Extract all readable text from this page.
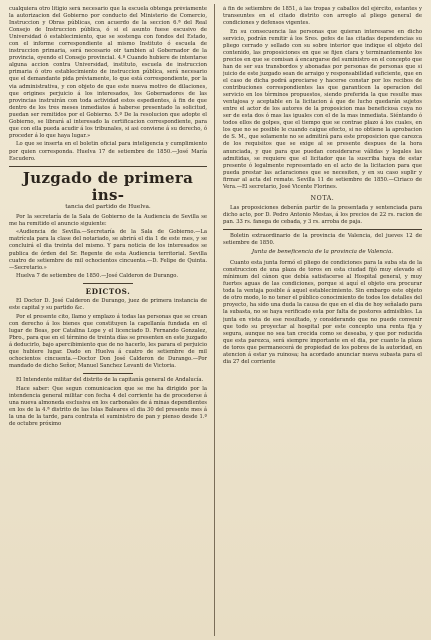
cualquiera otro litigio será necesario que la escuela obtenga préviamente la autorizacion del Gobierno por conducto del Ministerio de Comercio, Instruccion y Obras públicas, con acuerdo de la seccion 6.ª del Real Consejo de Instruccion pública, ó si el asunto fuese escusivo de Universidad ó establecimiento, que se sostenga con fondos del Estado, con el informe correspondiente al mismo Instituto ó escuela de instruccion primaria, será necesario oir tambien al Gobernador de la provincia, oyendo el Consejo provincial. 4.º Cuando hubiere de intentarse alguna accion contra Universidad, instituto, escuela de instruccion primaria ó otro establecimiento de instruccion pública, será necesario que el demandante pida préviamente, lo que está correspondiente, por la via administrativa, y con objeto de que este nueva motivo de dilaciones, que origines perjuicio á los interesados, los Gobernadores de las provincias instruirán con toda actividad estos espedientes, á fin de que dentro de los tres meses inmediatos á haberse presentado la solicitud, puedan ser remitidos por el Gobierno. 5.º De la resolucion que adopte el Gobierno, se librará al interesado la certificacion correspondiente, para que con ella pueda acudir á los tribunales, si asi conviene á su derecho, ó proceder á lo que haya lugar.»

Lo que se inserta en el boletin oficial para inteligencia y cumplimiento por quien corresponda. Huelva 17 de setiembre de 1850.—José María Escudero.

Juzgado de primera ins-
tancia del partido de Huelva.

Por la secretaría de la Sala de Gobierno de la Audiencia de Sevilla se me ha remitido el anuncio siguiente:

«Audiencia de Sevilla.—Secretaría de la Sala de Gobierno.—La matrícula para la clase del notariado, se abrirá el dia 1 de este mes, y se concluirá el dia treinta del mismo. Y para noticia de los interesados se publica de órden del Sr. Regente de esta Audiencia territorial. Sevilla cuatro de setiembre de mil ochocientos cincuenta.—D. Felipe de Quinta.—Secretario.»

Huelva 7 de setiembre de 1850.—José Calderon de Durango.

EDICTOS.

El Doctor D. José Calderon de Durango, juez de primera instancia de este capital y su partido &c.

Por el presente cito, llamo y emplazo á todas las personas que se crean con derecho á los bienes que constituyen la capellanía fundada en el lugar de Beas, por Catalina Lope y el licenciado D. Fernando Gonzalez, Pbro., para que en el término de treinta días se presenten en este juzgado á deducirlo, bajo apercibimiento que de no hacerlo, les parara el perjuicio que hubiere lugar. Dado en Huelva á cuatro de setiembre de mil ochocientos cincuenta.—Doctor Don José Calderon de Durango.—Por mandado de dicho Señor, Manuel Sanchez Levanti de Victoria.

El Intendente militar del distrito de la capitanía general de Andalucía.

Hace saber: Que segun comunicacion que se me ha dirigido por la intendencia general militar con fecha 4 del corriente ha de procederse á una nueva almoneda esclusiva en los carbonales de á minas dependientes en los de la 4.ª distrito de las Islas Baleares el dia 30 del presente mes á la una de la tarde, para contrata el suministro de pan y pienso desde 1.º de octubre próximo

á fin de setiembre de 1851, á las tropas y caballos del ejército, estantes y transeuntes en el citado distrito con arreglo al pliego general de condiciones y defensos vigentes.

En su consecuencia las personas que quieran interesarse en dicho servicio, podrán remitir á los Sres. gefes de las citadas dependencias su pliego cerrado y sellado con su sobre interior que indique el objeto del contenido, las proposiciones en que se fijen clara y terminantemente los precios en que se comisan á encargarse del suministro en el concepto que han de ser sus transbordos y abonadas por personas de personas que si juicio de este juzgado sean de arraigo y responsabilidad suficiente, que en el caso de dicha podrá apreciarse y hacerse constar por los recibos de contribuciones correspondientes las que garanticen la operacion del servicio en los términos propuestos, siendo preferida la que resulte mas ventajosa y aceptable en la licitacion á que de lucho quedarán sujetos entre el actor de los autores de la proposicion mas beneficiosa cuya no ser de esta dos ó mas las iguales con el de la mas inmediata. Siéntando ó todos ellos de golpes, que el tiempo que se contrae plazo á los cuales, en los que no se posible le cuando caigue efecto, si no obtiene la aprobacion de S. M., que solamente no se admitirá para este proposicion que carezca de los requisitos que se exige al se presente despues de la hora anunciada, y que para que puedan considerarse válidas y legales las admitidas, se requiere que el licitador que la suscriba haya de estar presente ó legalmente representado en el acto de la licitacion para que pueda prestar las aclaraciones que se necesiten, y en su caso suplir y firmar al acta del remate. Sevilla 11 de setiembre de 1850.—Ciriaco de Vera.—El secretario, José Vicente Florines.

NOTA.

Las proposiciones deberán partir de la presentada y sentenciada para dicho acto, por D. Pedro Antonio Mestas, á los precios de 22 rs. racion de pan. 33 rs. fanega de cebada, y 3 rs. arroba de paja.

Boletin extraordinario de la provincia de Valencia, del jueves 12 de setiembre de 1850.

Junta de beneficencia de la provincia de Valencia.

Cuanto esta junta formó el pliego de condiciones para la suba sta de la construccion de una plaza de toros en esta ciudad fijó muy elevado el mínimum del cánon que debía satisfacerse al Hospital general, y muy fuertes aguas de las condiciones, porque si aquí el objeto era procurar toda la ventaja posible á aquel establecimiento. Sin embargo este objeto de otro modo, lo no tener el público conocimiento de todos los detalles del proyecto, ha sido una duda la causa de que en el dia de hoy señalado para la subasta, no se haya verificado esta por falta de postores admisibles. La junta en vista de ese resultado, y considerando que no puede convenir que todo su proyectar al hospital por este concepto una renta fija y segura, aunque no sea tan crecida como se deseaba, y que por reducida que esta parezca, será siempre importante en el dia, por cuanto la plaza de toros que permanecerá de propiedad de los pobres de la autoridad, en atencion á estar ya ruinosa; ha acordado anunciar nueva subasta para el dia 27 del corriente
